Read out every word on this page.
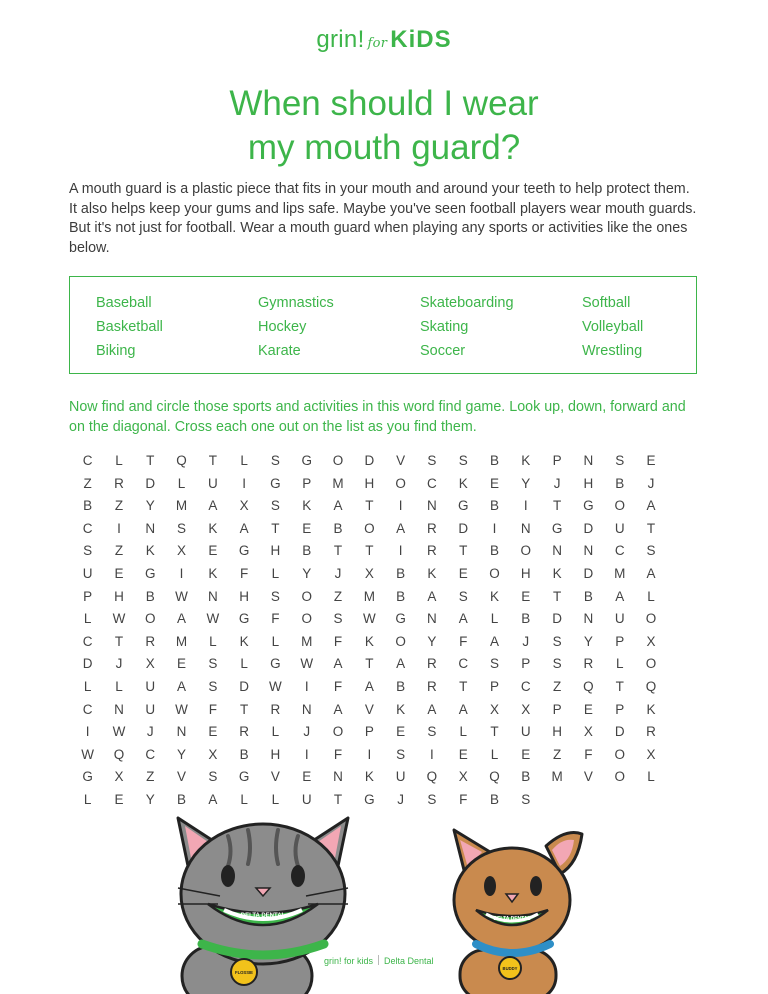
grin! for KiDS
When should I wear
my mouth guard?

A mouth guard is a plastic piece that fits in your mouth and around your teeth to help protect them. It also helps keep your gums and lips safe. Maybe you've seen football players wear mouth guards. But it's not just for football. Wear a mouth guard when playing any sports or activities like the ones below.

Baseball	Gymnastics	Skateboarding	Softball
Basketball	Hockey	Skating	Volleyball
Biking	Karate	Soccer	Wrestling

Now find and circle those sports and activities in this word find game. Look up, down, forward and on the diagonal. Cross each one out on the list as you find them.

C	L	T	Q	T	L	S	G	O	D	V	S	S	B	K	P	N	S	E
Z	R	D	L	U	I	G	P	M	H	O	C	K	E	Y	J	H	B	J
B	Z	Y	M	A	X	S	K	A	T	I	N	G	B	I	T	G	O	A
C	I	N	S	K	A	T	E	B	O	A	R	D	I	N	G	D	U	T
S	Z	K	X	E	G	H	B	T	T	I	R	T	B	O	N	N	C	S
U	E	G	I	K	F	L	Y	J	X	B	K	E	O	H	K	D	M	A
P	H	B	W	N	H	S	O	Z	M	B	A	S	K	E	T	B	A	L
L	W	O	A	W	G	F	O	S	W	G	N	A	L	B	D	N	U	O
C	T	R	M	L	K	L	M	F	K	O	Y	F	A	J	S	Y	P	X
D	J	X	E	S	L	G	W	A	T	A	R	C	S	P	S	R	L	O
L	L	U	A	S	D	W	I	F	A	B	R	T	P	C	Z	Q	T	Q
C	N	U	W	F	T	R	N	A	V	K	A	A	X	X	P	E	P	K
I	W	J	N	E	R	L	J	O	P	E	S	L	T	U	H	X	D	R
W	Q	C	Y	X	B	H	I	F	I	S	I	E	L	E	Z	F	O	X
G	X	Z	V	S	G	V	E	N	K	U	Q	X	Q	B	M	V	O	L
L	E	Y	B	A	L	L	U	T	G	J	S	F	B	S
DELTA DENTAL
FLOSSIE
DELTA DENTAL
BUDDY
grin! for kids Delta Dental
